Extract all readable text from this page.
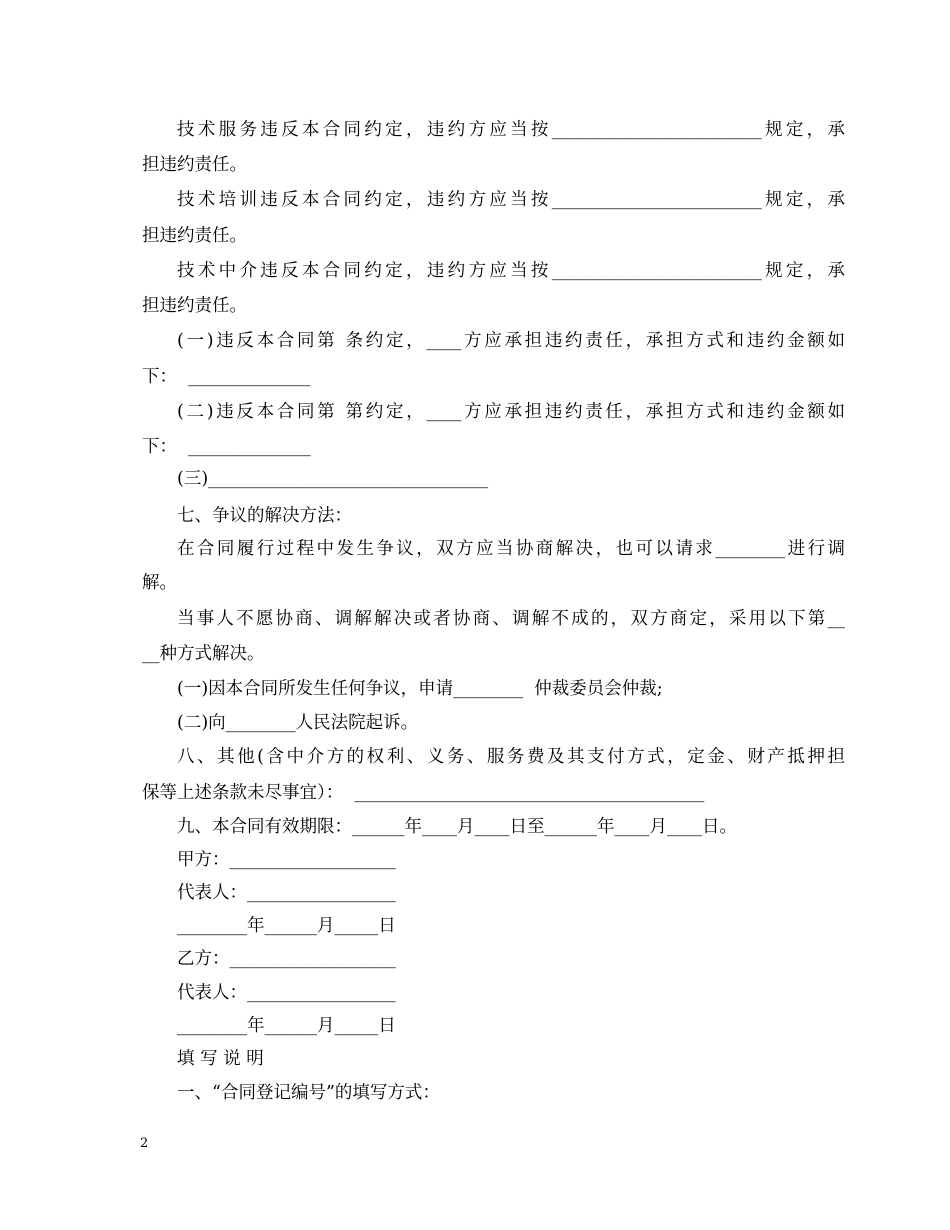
技术服务违反本合同约定，违约方应当按________________________规定，承
担违约责任。
技术培训违反本合同约定，违约方应当按________________________规定，承
担违约责任。
技术中介违反本合同约定，违约方应当按________________________规定，承
担违约责任。
(一)违反本合同第 条约定，____方应承担违约责任，承担方式和违约金额如
下：  ______________
(二)违反本合同第 第约定，____方应承担违约责任，承担方式和违约金额如
下：  ______________
(三)________________________________
七、争议的解决方法：
在合同履行过程中发生争议，双方应当协商解决，也可以请求________进行调
解。
当事人不愿协商、调解解决或者协商、调解不成的，双方商定，采用以下第__
__种方式解决。
(一)因本合同所发生任何争议，申请________  仲裁委员会仲裁;
(二)向________人民法院起诉。
八、其他(含中介方的权利、义务、服务费及其支付方式，定金、财产抵押担
保等上述条款未尽事宜）：  ________________________________________
九、本合同有效期限：______年____月____日至______年____月____日。
甲方：___________________
代表人：_________________
________年______月_____日
乙方：___________________
代表人：_________________
________年______月_____日
填 写 说 明
一、“合同登记编号”的填写方式：
2
